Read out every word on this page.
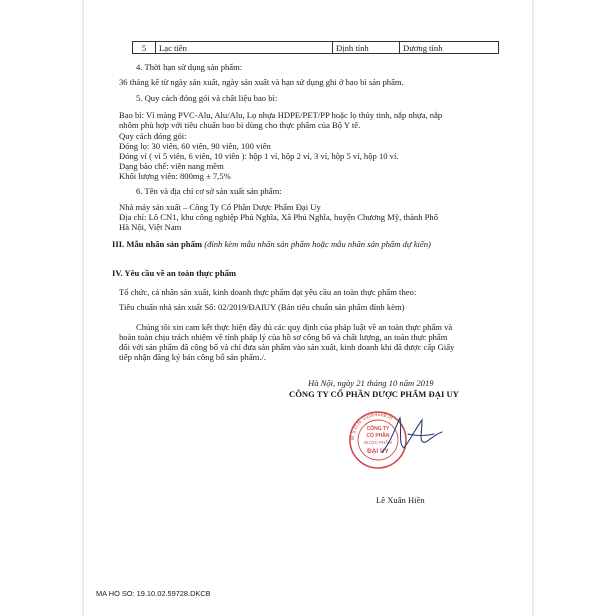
5	Lạc tiên	Định tính	Dương tính
4. Thời hạn sử dụng sản phẩm:
36 tháng kể từ ngày sản xuất, ngày sản xuất và hạn sử dụng ghi ở bao bì sản phẩm.
5. Quy cách đóng gói và chất liệu bao bì:
Bao bì: Vỉ màng PVC-Alu, Alu/Alu, Lọ nhựa HDPE/PET/PP hoặc lọ thủy tinh, nắp nhựa, nắp
nhôm phù hợp với tiêu chuẩn bao bì dùng cho thực phẩm của Bộ Y tế.
Quy cách đóng gói:
Đóng lọ: 30 viên, 60 viên, 90 viên, 100 viên
Đóng vỉ ( vỉ 5 viên, 6 viên, 10 viên ): hộp 1 vỉ, hộp 2 vỉ, 3 vỉ, hộp 5 vỉ, hộp 10 vỉ.
Dạng bào chế: viên nang mềm
Khối lượng viên: 800mg ± 7,5%
6. Tên và địa chỉ cơ sở sản xuất sản phẩm:
Nhà máy sản xuất – Công Ty Cổ Phần Dược Phẩm Đại Uy
Địa chỉ: Lô CN1, khu công nghiệp Phú Nghĩa, Xã Phú Nghĩa, huyện Chương Mỹ, thành Phố
Hà Nội, Việt Nam
III. Mẫu nhãn sản phẩm (đính kèm mẫu nhãn sản phẩm hoặc mẫu nhãn sản phẩm dự kiến)
IV. Yêu cầu về an toàn thực phẩm
Tổ chức, cá nhân sản xuất, kinh doanh thực phẩm đạt yêu cầu an toàn thực phẩm theo:
Tiêu chuẩn nhà sản xuất Số: 02/2019/ĐAIUY (Bản tiêu chuẩn sản phẩm đính kèm)
Chúng tôi xin cam kết thực hiện đầy đủ các quy định của pháp luật về an toàn thực phẩm và
hoàn toàn chịu trách nhiệm về tính pháp lý của hồ sơ công bố và chất lượng, an toàn thực phẩm
đối với sản phẩm đã công bố và chỉ đưa sản phẩm vào sản xuất, kinh doanh khi đã được cấp Giấy
tiếp nhận đăng ký bản công bố sản phẩm./.
Hà Nội, ngày 21 tháng 10 năm 2019
CÔNG TY CỔ PHẦN DƯỢC PHẨM ĐẠI UY
M.S.D.N: 0106456878
CÔNG TY
CỔ PHẦN
DƯỢC PHẨM
ĐẠI UY
Lê Xuân Hiền
MA HO SO: 19.10.02.59728.DKCB
